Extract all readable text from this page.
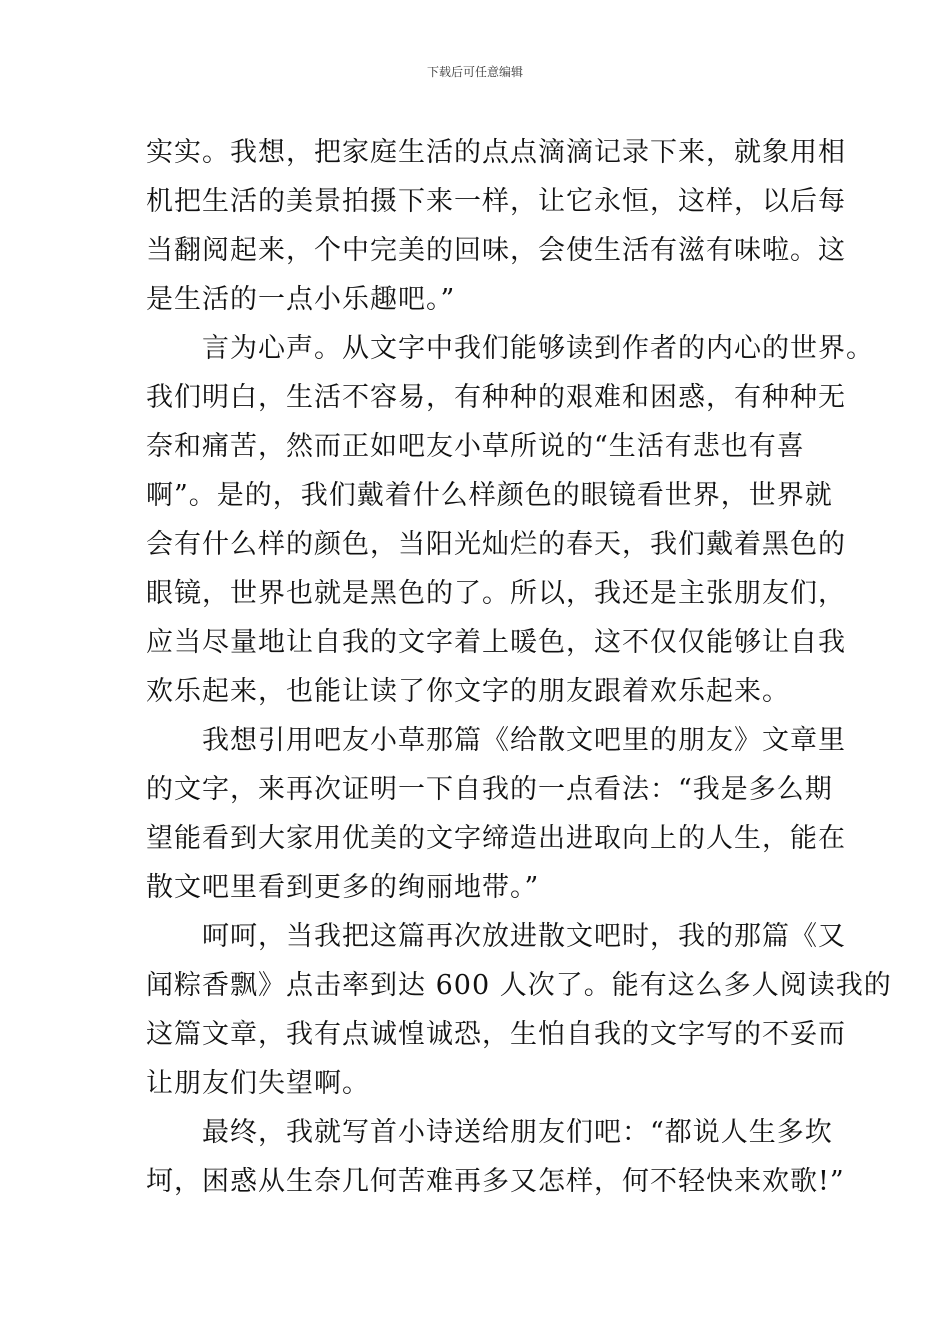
下载后可任意编辑
实实。我想，把家庭生活的点点滴滴记录下来，就象用相
机把生活的美景拍摄下来一样，让它永恒，这样，以后每
当翻阅起来，个中完美的回味，会使生活有滋有味啦。这
是生活的一点小乐趣吧。”
言为心声。从文字中我们能够读到作者的内心的世界。
我们明白，生活不容易，有种种的艰难和困惑，有种种无
奈和痛苦，然而正如吧友小草所说的“生活有悲也有喜
啊”。是的，我们戴着什么样颜色的眼镜看世界，世界就
会有什么样的颜色，当阳光灿烂的春天，我们戴着黑色的
眼镜，世界也就是黑色的了。所以，我还是主张朋友们，
应当尽量地让自我的文字着上暖色，这不仅仅能够让自我
欢乐起来，也能让读了你文字的朋友跟着欢乐起来。
我想引用吧友小草那篇《给散文吧里的朋友》文章里
的文字，来再次证明一下自我的一点看法：“我是多么期
望能看到大家用优美的文字缔造出进取向上的人生，能在
散文吧里看到更多的绚丽地带。”
呵呵，当我把这篇再次放进散文吧时，我的那篇《又
闻粽香飘》点击率到达 600 人次了。能有这么多人阅读我的
这篇文章，我有点诚惶诚恐，生怕自我的文字写的不妥而
让朋友们失望啊。
最终，我就写首小诗送给朋友们吧：“都说人生多坎
坷，困惑从生奈几何苦难再多又怎样，何不轻快来欢歌!”
